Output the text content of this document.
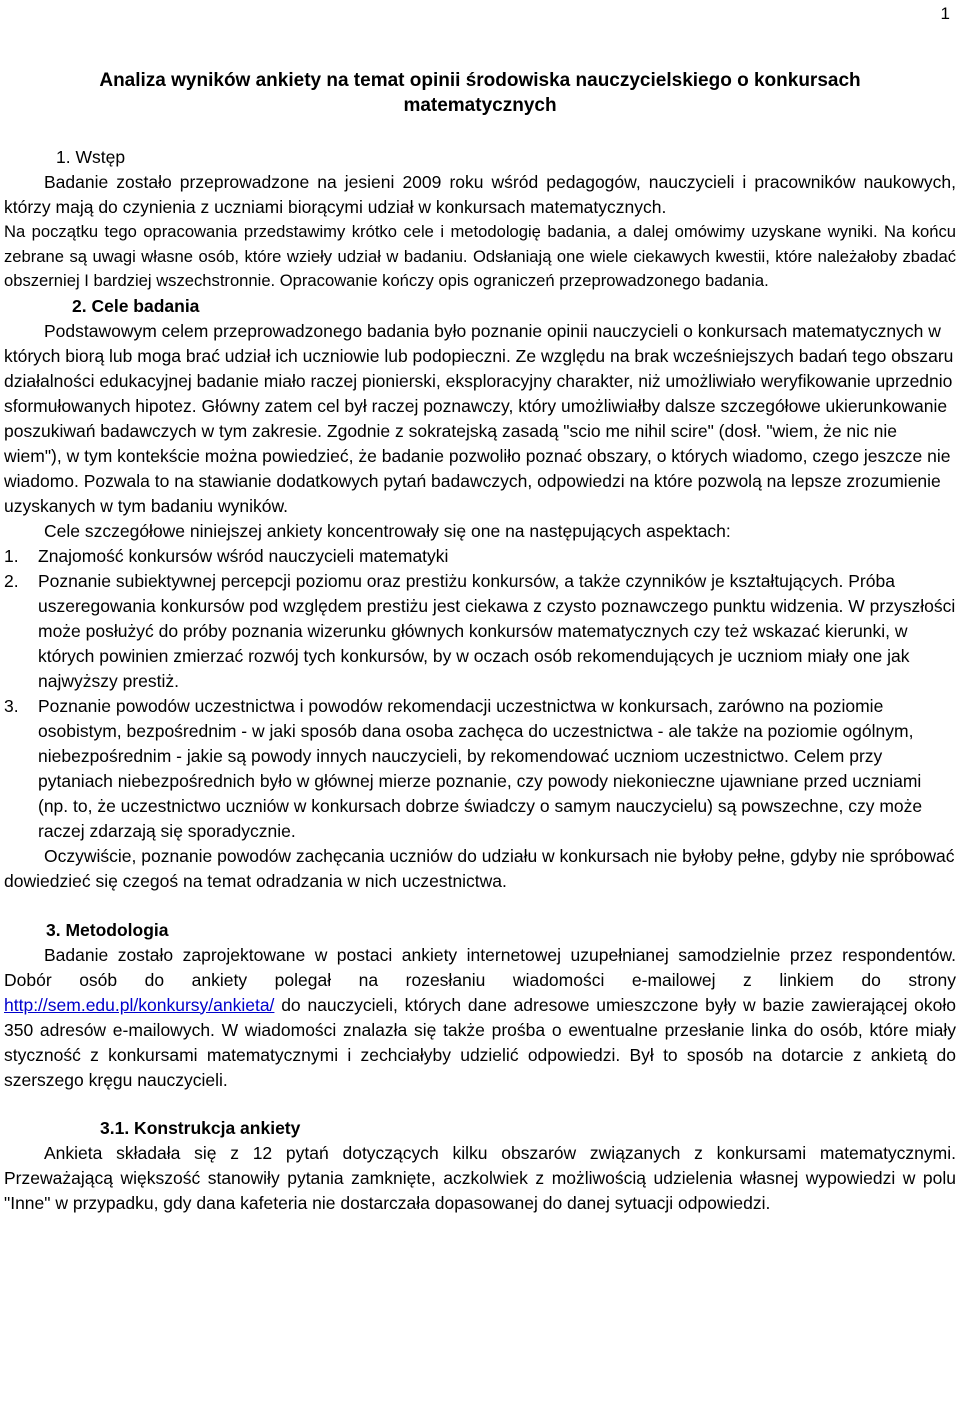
1
Analiza wyników ankiety na temat opinii środowiska nauczycielskiego o konkursach matematycznych
1. Wstęp

Badanie zostało przeprowadzone na jesieni 2009 roku wśród pedagogów, nauczycieli i pracowników naukowych, którzy mają do czynienia z uczniami biorącymi udział w konkursach matematycznych.

Na początku tego opracowania przedstawimy krótko cele i metodologię badania, a dalej omówimy uzyskane wyniki. Na końcu zebrane są uwagi własne osób, które wzieły udział w badaniu. Odsłaniają one wiele ciekawych kwestii, które należałoby zbadać obszerniej I bardziej wszechstronnie. Opracowanie kończy opis ograniczeń przeprowadzonego badania.

2. Cele badania

Podstawowym celem przeprowadzonego badania było poznanie opinii nauczycieli o konkursach matematycznych w których biorą lub moga brać udział ich uczniowie lub podopieczni. Ze względu na brak wcześniejszych badań tego obszaru działalności edukacyjnej badanie miało raczej pionierski, eksploracyjny charakter, niż umożliwiało weryfikowanie uprzednio sformułowanych hipotez. Główny zatem cel był raczej poznawczy, który umożliwiałby dalsze szczegółowe ukierunkowanie poszukiwań badawczych w tym zakresie. Zgodnie z sokratejską zasadą "scio me nihil scire" (dosł. "wiem, że nic nie wiem"), w tym kontekście można powiedzieć, że badanie pozwoliło poznać obszary, o których wiadomo, czego jeszcze nie wiadomo. Pozwala to na stawianie dodatkowych pytań badawczych, odpowiedzi na które pozwolą na lepsze zrozumienie uzyskanych w tym badaniu wyników.

Cele szczegółowe niniejszej ankiety koncentrowały się one na następujących aspektach:

1. Znajomość konkursów wśród nauczycieli matematyki
2. Poznanie subiektywnej percepcji poziomu oraz prestiżu konkursów, a także czynników je kształtujących. Próba uszeregowania konkursów pod względem prestiżu jest ciekawa z czysto poznawczego punktu widzenia. W przyszłości może posłużyć do próby poznania wizerunku głównych konkursów matematycznych czy też wskazać kierunki, w których powinien zmierzać rozwój tych konkursów, by w oczach osób rekomendujących je uczniom miały one jak najwyższy prestiż.
3. Poznanie powodów uczestnictwa i powodów rekomendacji uczestnictwa w konkursach, zarówno na poziomie osobistym, bezpośrednim - w jaki sposób dana osoba zachęca do uczestnictwa - ale także na poziomie ogólnym, niebezpośrednim - jakie są powody innych nauczycieli, by rekomendować uczniom uczestnictwo. Celem przy pytaniach niebezpośrednich było w głównej mierze poznanie, czy powody niekonieczne ujawniane przed uczniami (np. to, że uczestnictwo uczniów w konkursach dobrze świadczy o samym nauczycielu) są powszechne, czy może raczej zdarzają się sporadycznie.

Oczywiście, poznanie powodów zachęcania uczniów do udziału w konkursach nie byłoby pełne, gdyby nie spróbować dowiedzieć się czegoś na temat odradzania w nich uczestnictwa.

3. Metodologia

Badanie zostało zaprojektowane w postaci ankiety internetowej uzupełnianej samodzielnie przez respondentów. Dobór osób do ankiety polegał na rozesłaniu wiadomości e-mailowej z linkiem do strony http://sem.edu.pl/konkursy/ankieta/ do nauczycieli, których dane adresowe umieszczone były w bazie zawierającej około 350 adresów e-mailowych. W wiadomości znalazła się także prośba o ewentualne przesłanie linka do osób, które miały styczność z konkursami matematycznymi i zechciałyby udzielić odpowiedzi. Był to sposób na dotarcie z ankietą do szerszego kręgu nauczycieli.

3.1. Konstrukcja ankiety

Ankieta składała się z 12 pytań dotyczących kilku obszarów związanych z konkursami matematycznymi. Przeważającą większość stanowiły pytania zamknięte, aczkolwiek z możliwością udzielenia własnej wypowiedzi w polu "Inne" w przypadku, gdy dana kafeteria nie dostarczała dopasowanej do danej sytuacji odpowiedzi.
